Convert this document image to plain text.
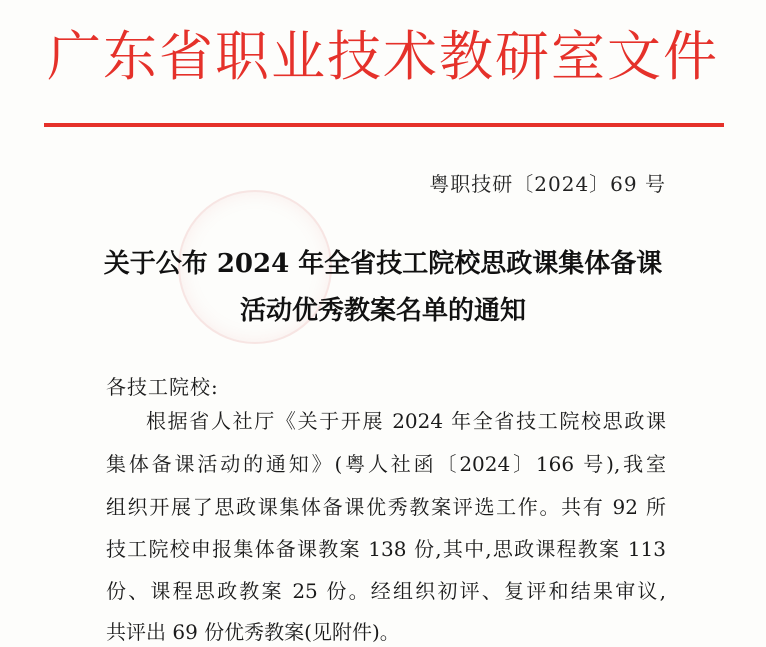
广东省职业技术教研室文件
粤职技研〔2024〕69 号
关于公布 2024 年全省技工院校思政课集体备课
活动优秀教案名单的通知
各技工院校:
根据省人社厅《关于开展 2024 年全省技工院校思政课
集体备课活动的通知》(粤人社函〔2024〕166 号),我室
组织开展了思政课集体备课优秀教案评选工作。共有 92 所
技工院校申报集体备课教案 138 份,其中,思政课程教案 113
份、课程思政教案 25 份。经组织初评、复评和结果审议,
共评出 69 份优秀教案(见附件)。
